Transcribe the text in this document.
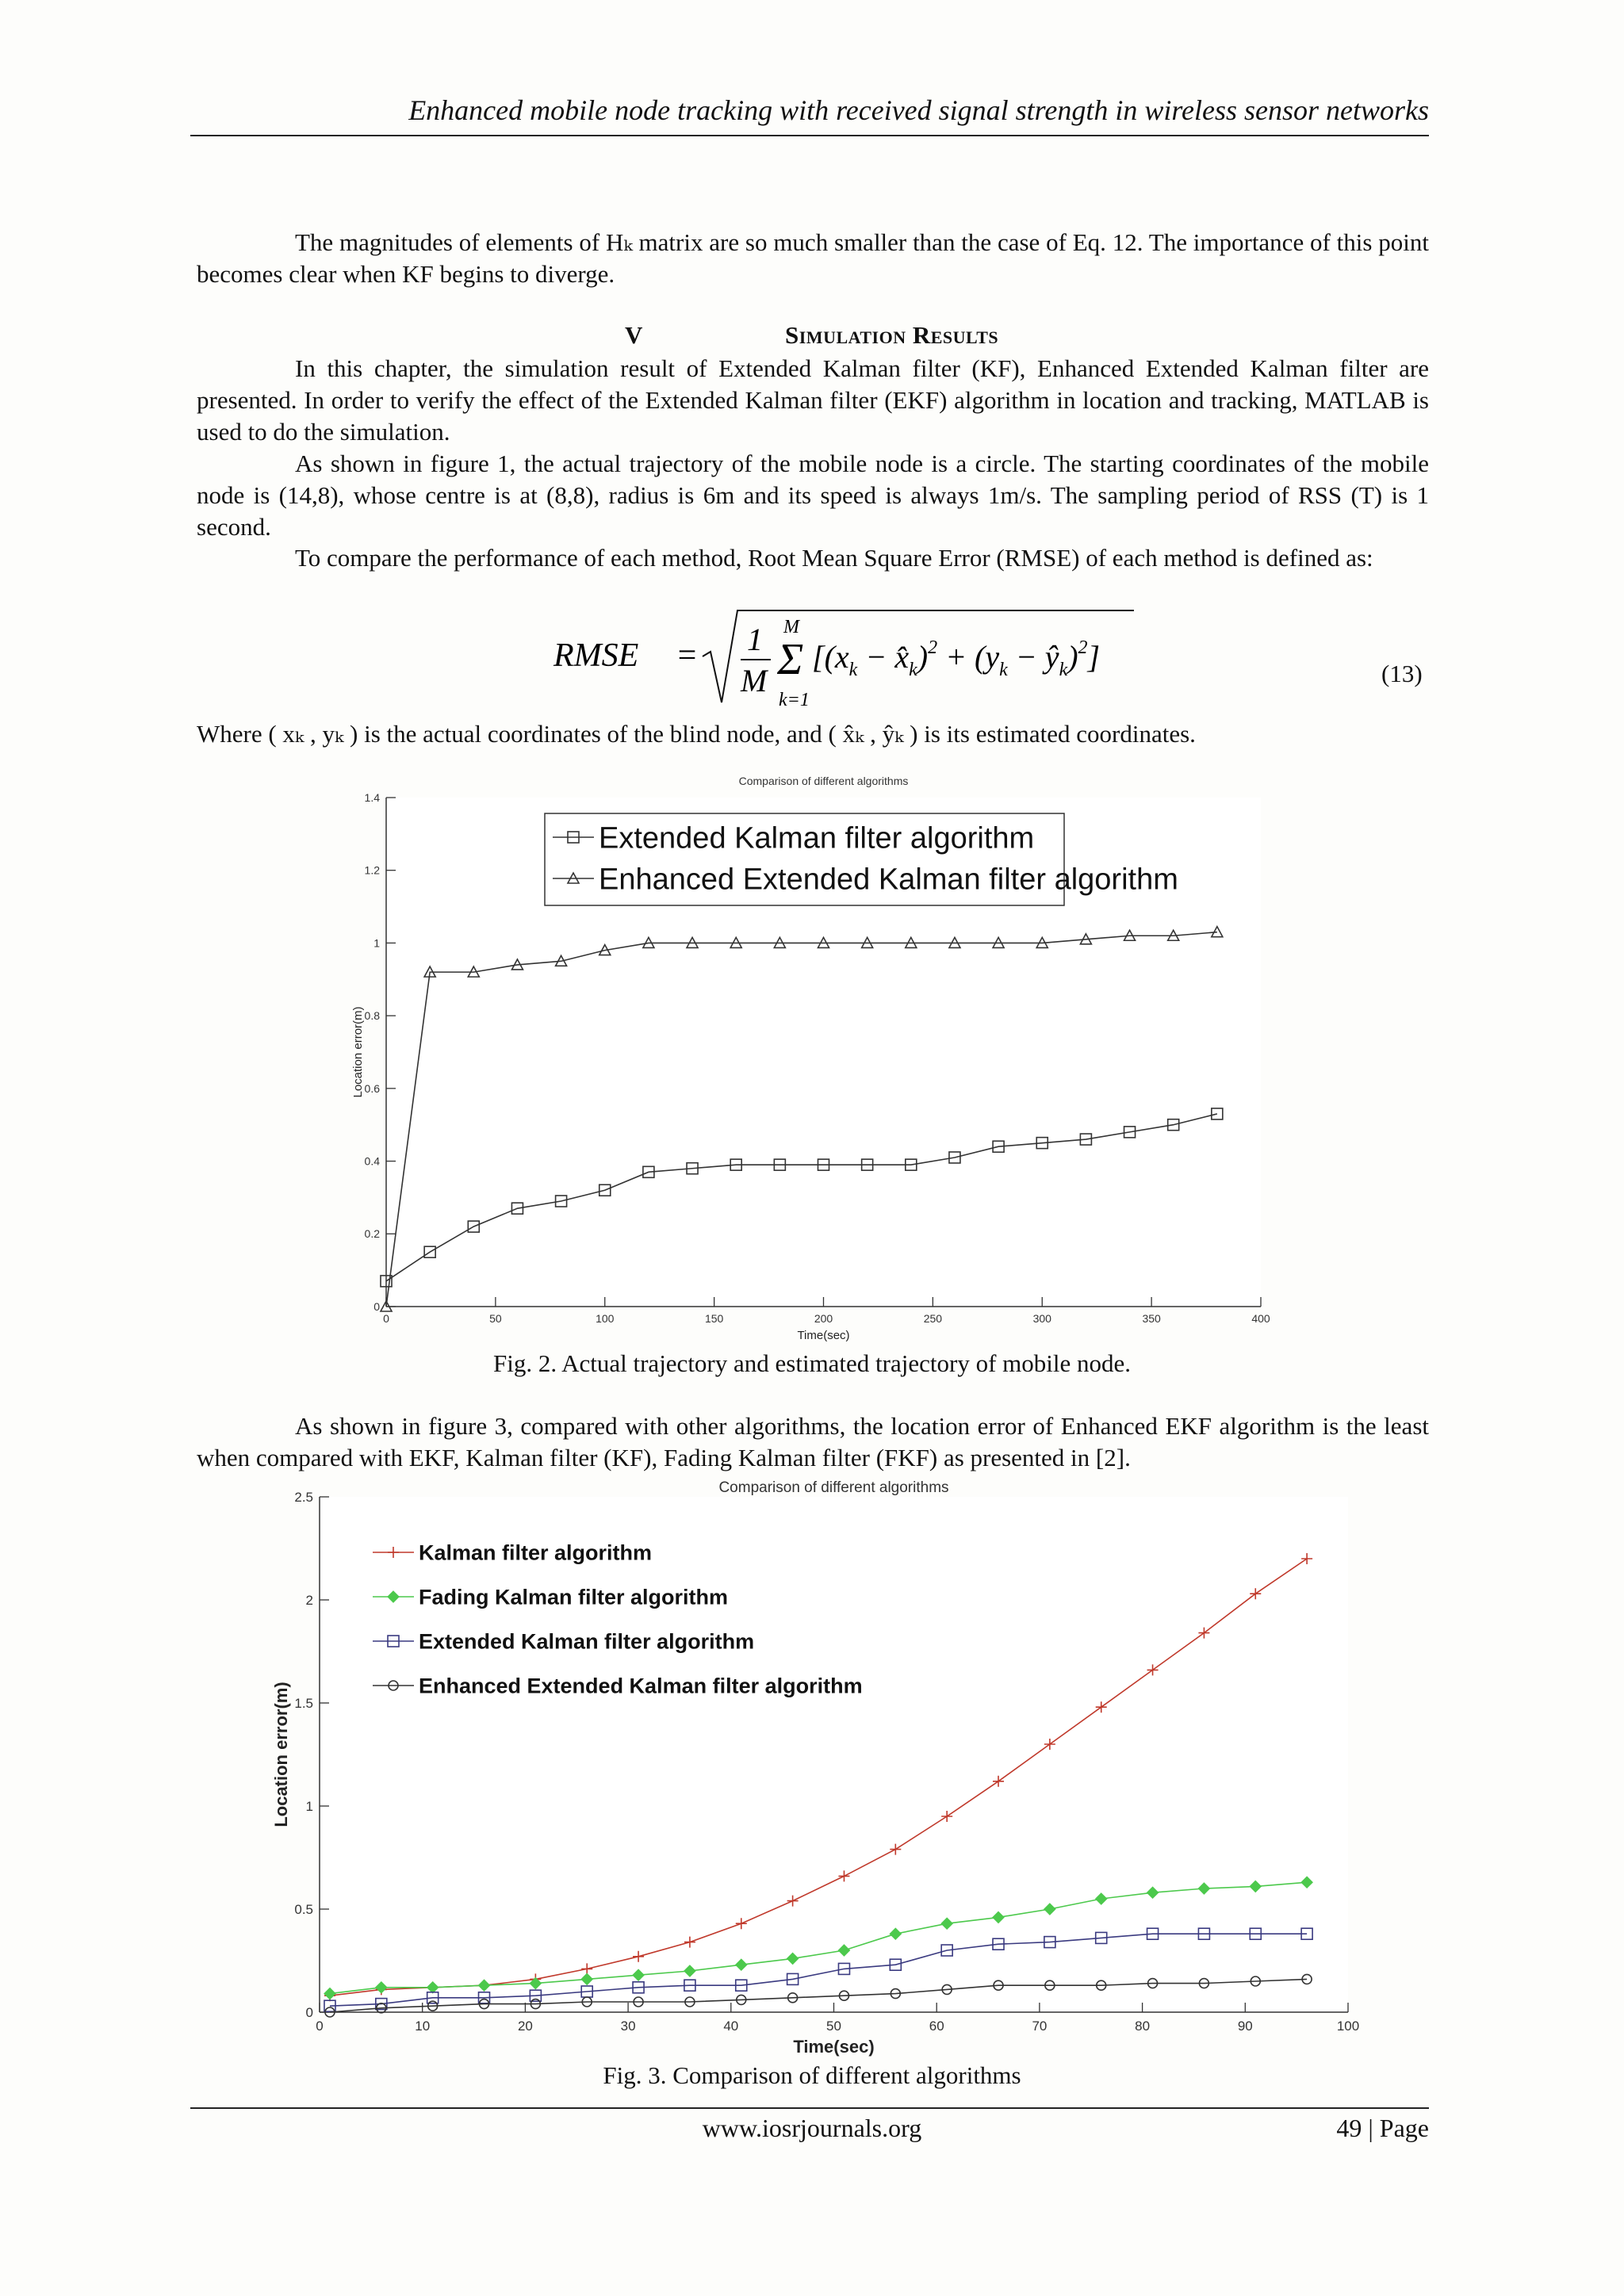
Enhanced mobile node tracking with received signal strength in wireless sensor networks

The magnitudes of elements of Hₖ matrix are so much smaller than the case of Eq. 12. The importance of this point becomes clear when KF begins to diverge.

V	Simulation Results

In this chapter, the simulation result of Extended Kalman filter (KF), Enhanced Extended Kalman filter are presented. In order to verify the effect of the Extended Kalman filter (EKF) algorithm in location and tracking, MATLAB is used to do the simulation.

As shown in figure 1, the actual trajectory of the mobile node is a circle. The starting coordinates of the mobile node is (14,8), whose centre is at (8,8), radius is 6m and its speed is always 1m/s. The sampling period of RSS (T) is 1 second.

To compare the performance of each method, Root Mean Square Error (RMSE) of each method is defined as:

RMSE = 1
M
M
Σ
k=1
[($x_k$ − $x̂_k)^2 + (y_k$ − $ŷ_k)^2$]	(13)

Where ( xₖ , yₖ ) is the actual coordinates of the blind node, and ( x̂ₖ , ŷₖ ) is its estimated coordinates.

0
0.2
0.4
0.6
0.8
1
1.2
1.4
0	50	100	150	200	250	300	350	400
Comparison of different algorithms
Time(sec)
Location error(m)
Extended Kalman filter algorithm
Enhanced Extended Kalman filter algorithm
Fig. 2. Actual trajectory and estimated trajectory of mobile node.

As shown in figure 3, compared with other algorithms, the location error of Enhanced EKF algorithm is the least when compared with EKF, Kalman filter (KF), Fading Kalman filter (FKF) as presented in [2].

0
0.5
1
1.5
2
2.5
0	10	20	30	40	50	60	70	80	90	100
Comparison of different algorithms
Time(sec)
Location error(m)
Kalman filter algorithm
Fading Kalman filter algorithm
Extended Kalman filter algorithm
Enhanced Extended Kalman filter algorithm
Fig. 3. Comparison of different algorithms
www.iosrjournals.org	49 | Page
